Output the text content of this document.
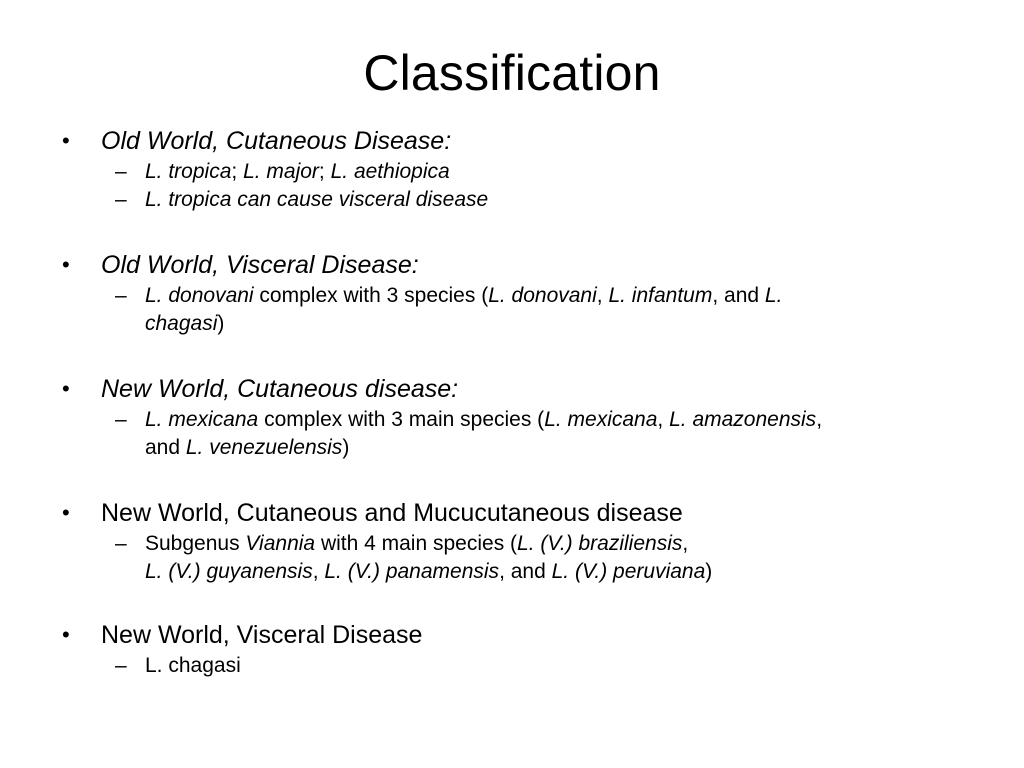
Classification
• Old World, Cutaneous Disease:
– L. tropica; L. major; L. aethiopica
– L. tropica can cause visceral disease
• Old World, Visceral Disease:
– L. donovani complex with 3 species (L. donovani, L. infantum, and L.
chagasi)
• New World, Cutaneous disease:
– L. mexicana complex with 3 main species (L. mexicana, L. amazonensis,
and L. venezuelensis)
• New World, Cutaneous and Mucucutaneous disease
– Subgenus Viannia with 4 main species (L. (V.) braziliensis,
L. (V.) guyanensis, L. (V.) panamensis, and L. (V.) peruviana)
• New World, Visceral Disease
– L. chagasi
